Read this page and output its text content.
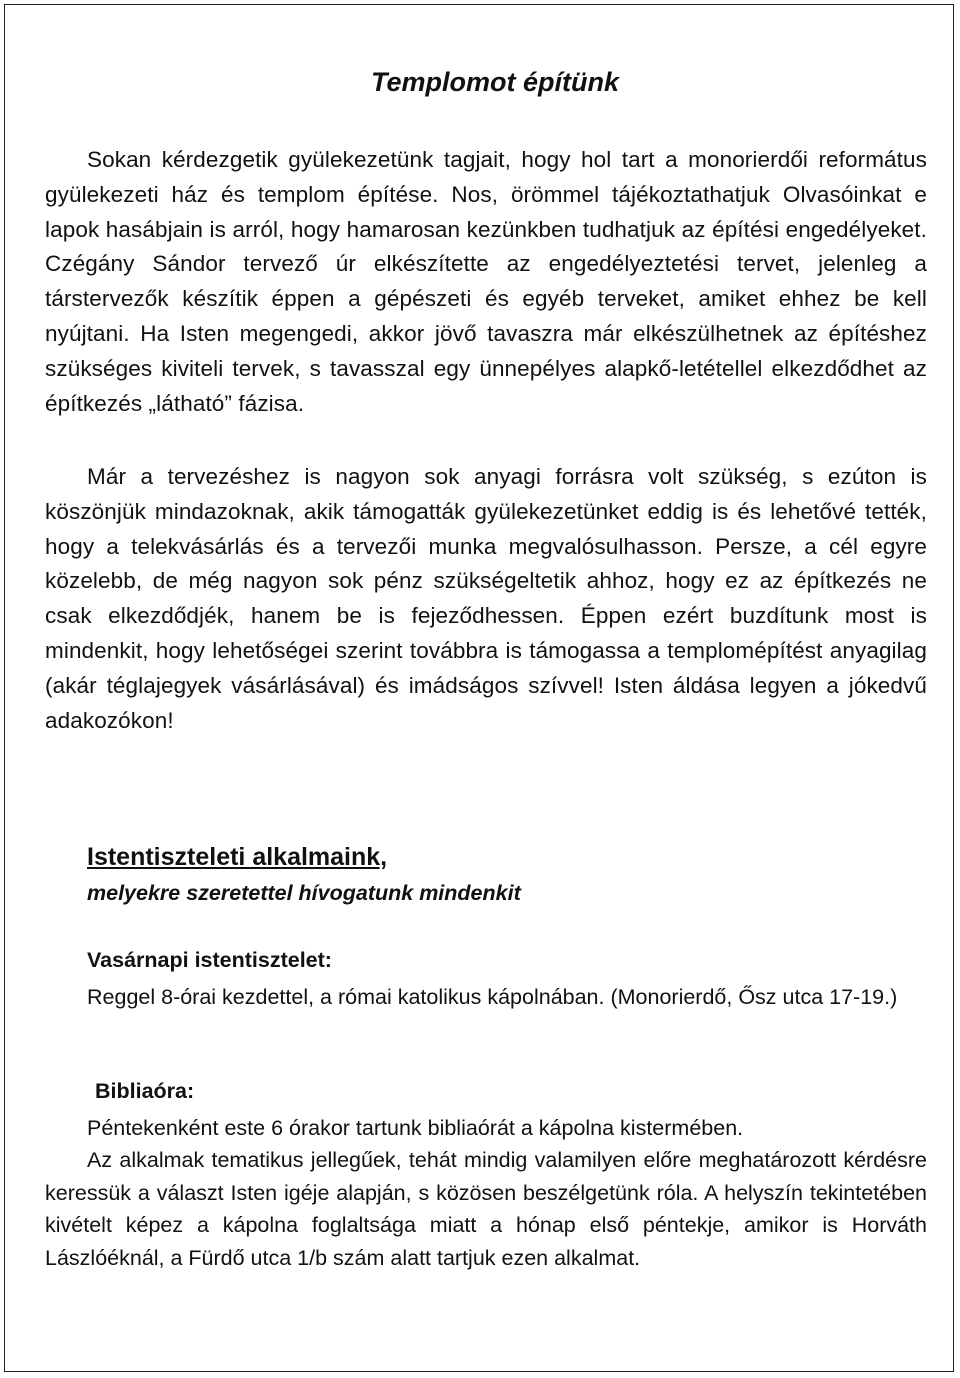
Templomot építünk

Sokan kérdezgetik gyülekezetünk tagjait, hogy hol tart a monorierdői református gyülekezeti ház és templom építése. Nos, örömmel tájékoztathatjuk Olvasóinkat e lapok hasábjain is arról, hogy hamarosan kezünkben tudhatjuk az építési engedélyeket. Czégány Sándor tervező úr elkészítette az engedélyeztetési tervet, jelenleg a társtervezők készítik éppen a gépészeti és egyéb terveket, amiket ehhez be kell nyújtani. Ha Isten megengedi, akkor jövő tavaszra már elkészülhetnek az építéshez szükséges kiviteli tervek, s tavasszal egy ünnepélyes alapkő-letétellel elkezdődhet az építkezés „látható” fázisa.

Már a tervezéshez is nagyon sok anyagi forrásra volt szükség, s ezúton is köszönjük mindazoknak, akik támogatták gyülekezetünket eddig is és lehetővé tették, hogy a telekvásárlás és a tervezői munka megvalósulhasson. Persze, a cél egyre közelebb, de még nagyon sok pénz szükségeltetik ahhoz, hogy ez az építkezés ne csak elkezdődjék, hanem be is fejeződhessen. Éppen ezért buzdítunk most is mindenkit, hogy lehetőségei szerint továbbra is támogassa a templomépítést anyagilag (akár téglajegyek vásárlásával) és imádságos szívvel! Isten áldása legyen a jókedvű adakozókon!

Istentiszteleti alkalmaink,

melyekre szeretettel hívogatunk mindenkit

Vasárnapi istentisztelet:

Reggel 8-órai kezdettel, a római katolikus kápolnában. (Monorierdő, Ősz utca 17-19.)

Bibliaóra:

Péntekenként este 6 órakor tartunk bibliaórát a kápolna kistermében.

Az alkalmak tematikus jellegűek, tehát mindig valamilyen előre meghatározott kérdésre keressük a választ Isten igéje alapján, s közösen beszélgetünk róla. A helyszín tekintetében kivételt képez a kápolna foglaltsága miatt a hónap első péntekje, amikor is Horváth Lászlóéknál, a Fürdő utca 1/b szám alatt tartjuk ezen alkalmat.
